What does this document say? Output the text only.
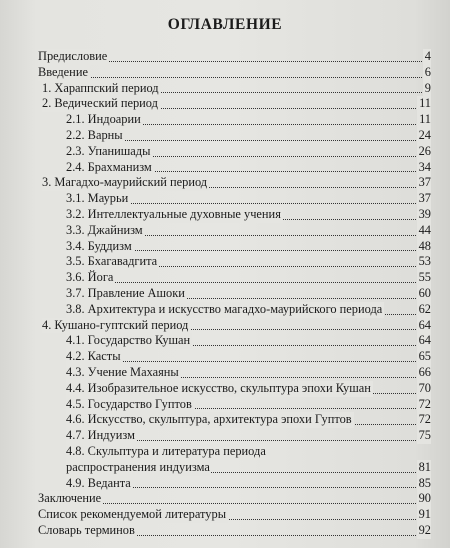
ОГЛАВЛЕНИЕ
Предисловие	4
Введение	6
1. Хараппский период	9
2. Ведический период	11
2.1. Индоарии	11
2.2. Варны	24
2.3. Упанишады	26
2.4. Брахманизм	34
3. Магадхо-маурийский период	37
3.1. Маурьи	37
3.2. Интеллектуальные духовные учения	39
3.3. Джайнизм	44
3.4. Буддизм	48
3.5. Бхагавадгита	53
3.6. Йога	55
3.7. Правление Ашоки	60
3.8. Архитектура и искусство магадхо-маурийского периода	62
4. Кушано-гуптский период	64
4.1. Государство Кушан	64
4.2. Касты	65
4.3. Учение Махаяны	66
4.4. Изобразительное искусство, скульптура эпохи Кушан	70
4.5. Государство Гуптов	72
4.6. Искусство, скульптура, архитектура эпохи Гуптов	72
4.7. Индуизм	75
4.8. Скульптура и литература периода
распространения индуизма	81
4.9. Веданта	85
Заключение	90
Список рекомендуемой литературы	91
Словарь терминов	92
